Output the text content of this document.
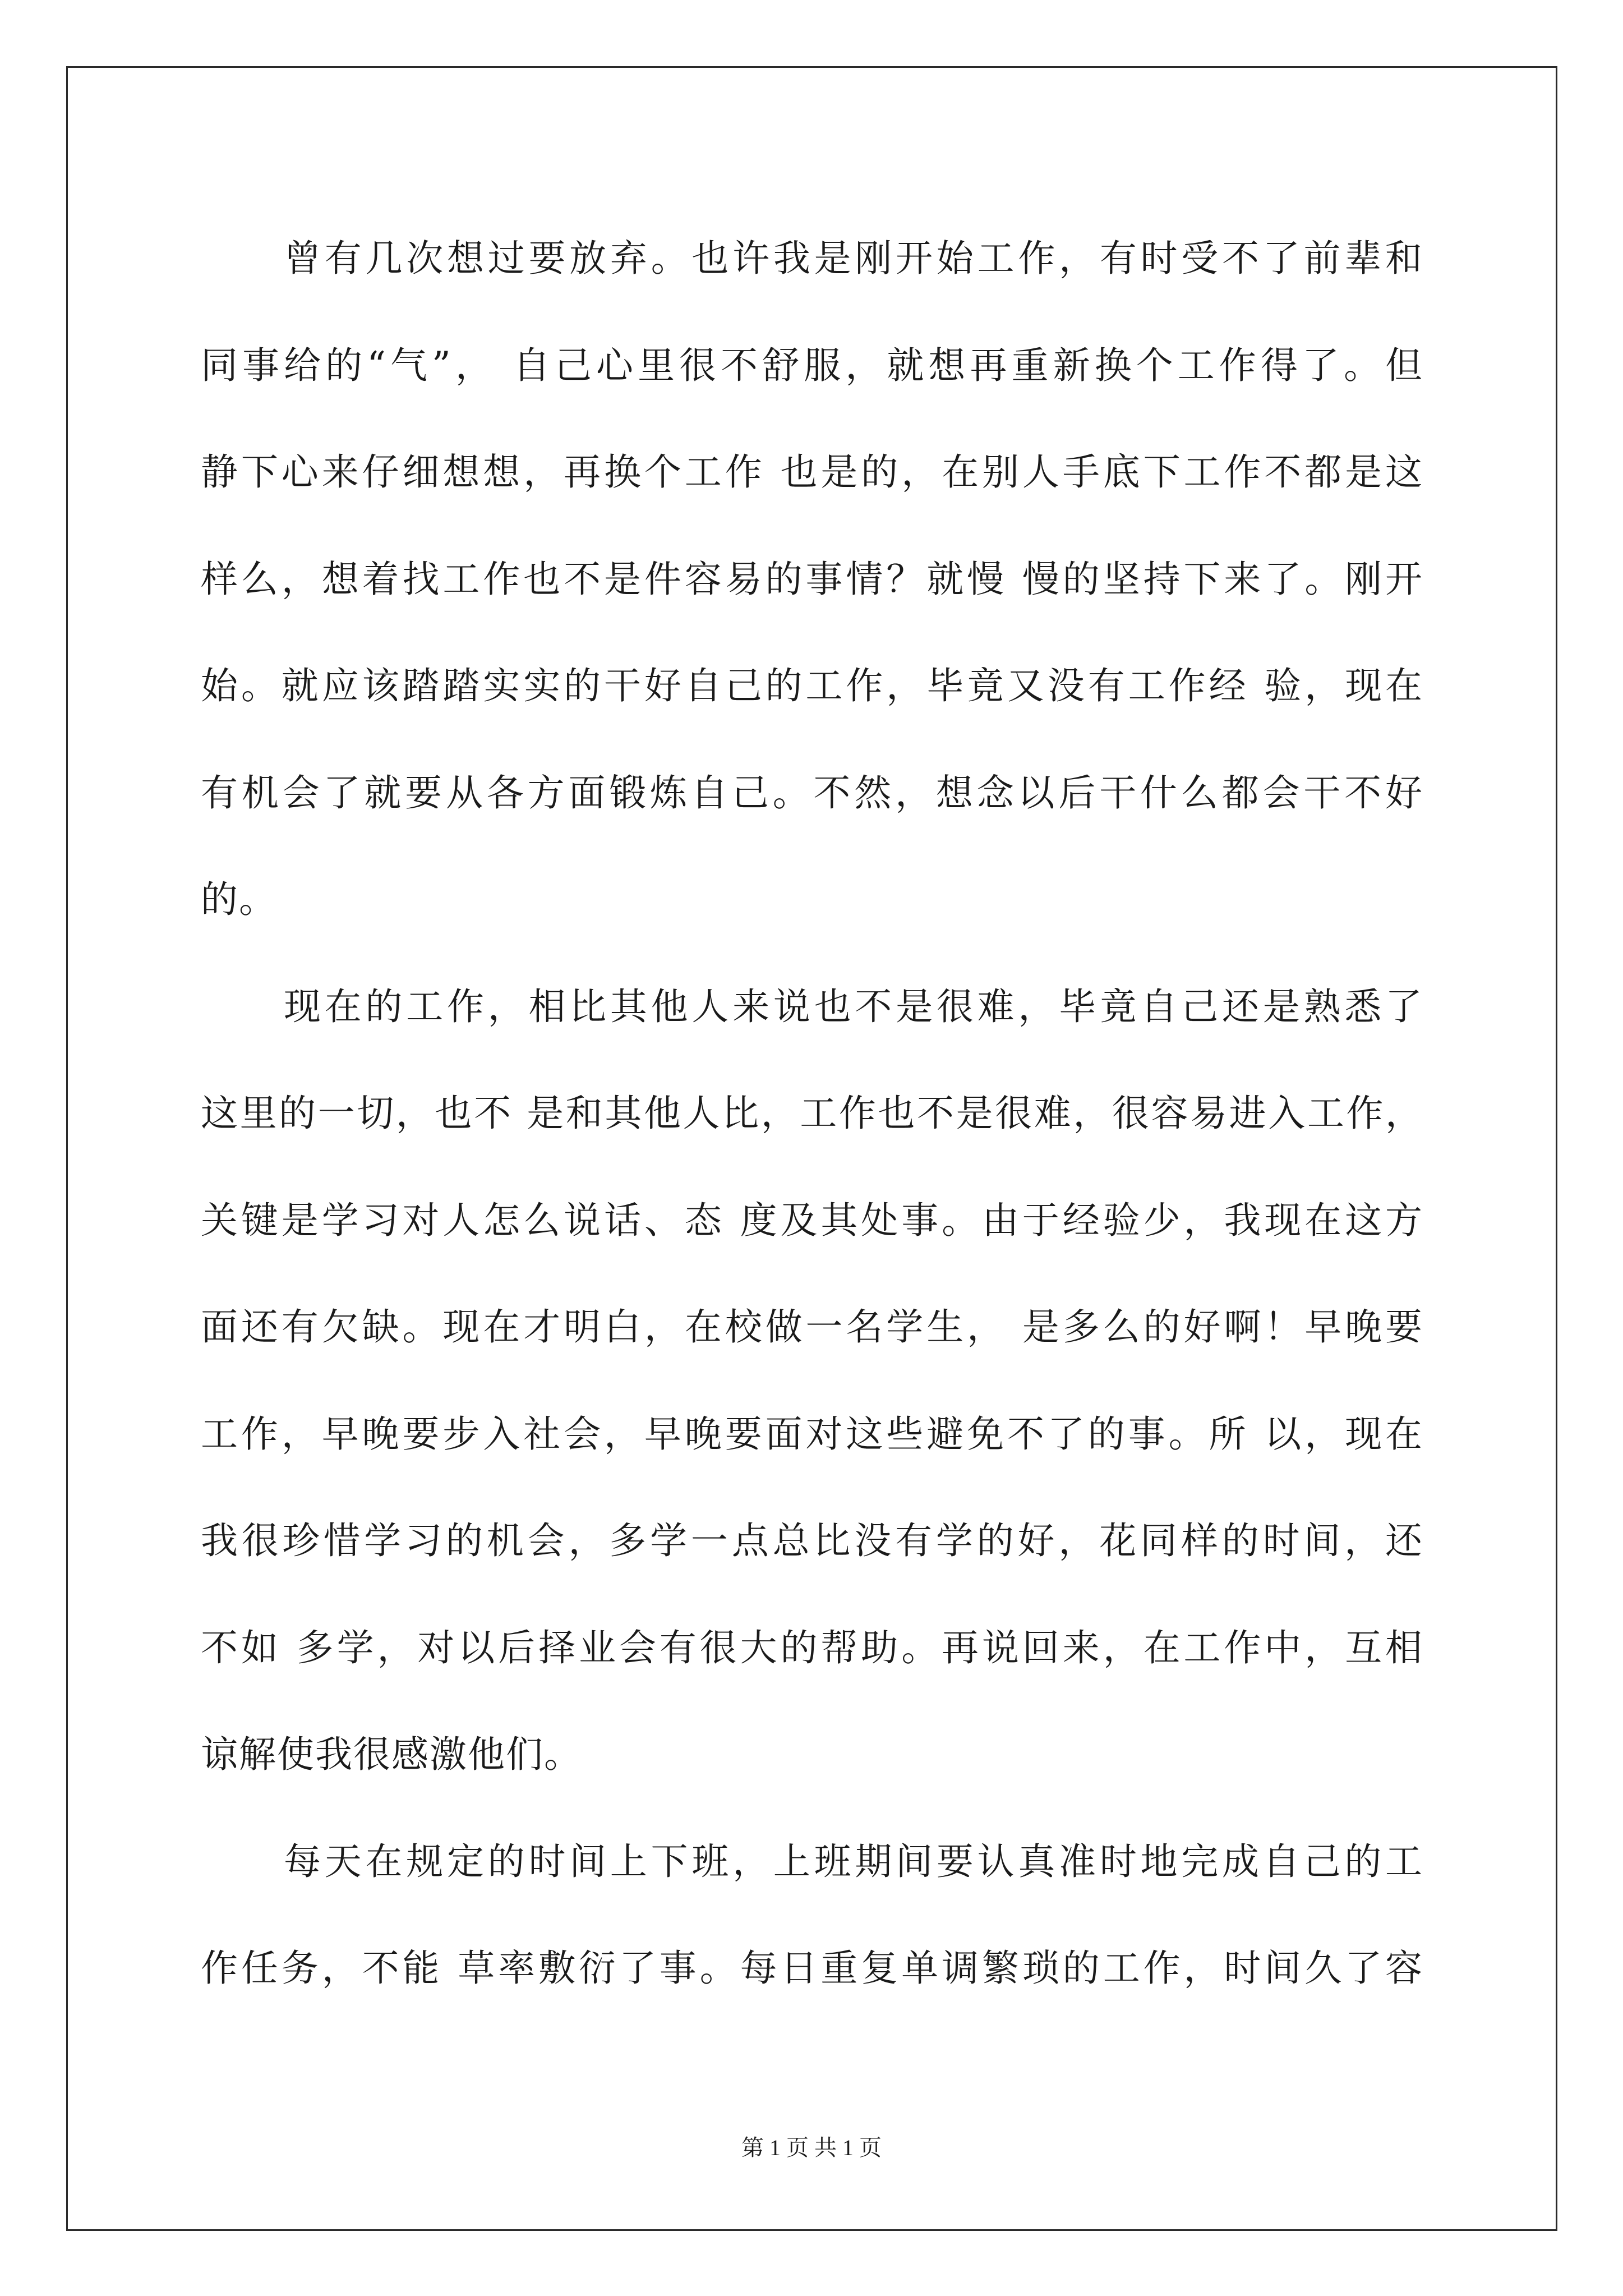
曾有几次想过要放弃。也许我是刚开始工作，有时受不了前辈和
同事给的“气”， 自己心里很不舒服，就想再重新换个工作得了。但
静下心来仔细想想，再换个工作 也是的，在别人手底下工作不都是这
样么，想着找工作也不是件容易的事情？就慢 慢的坚持下来了。刚开
始。就应该踏踏实实的干好自己的工作，毕竟又没有工作经 验，现在
有机会了就要从各方面锻炼自己。不然，想念以后干什么都会干不好
的。
现在的工作，相比其他人来说也不是很难，毕竟自己还是熟悉了
这里的一切，也不 是和其他人比，工作也不是很难，很容易进入工作，
关键是学习对人怎么说话、态 度及其处事。由于经验少，我现在这方
面还有欠缺。现在才明白，在校做一名学生， 是多么的好啊！早晚要
工作，早晚要步入社会，早晚要面对这些避免不了的事。所 以，现在
我很珍惜学习的机会，多学一点总比没有学的好，花同样的时间，还
不如 多学，对以后择业会有很大的帮助。再说回来，在工作中，互相
谅解使我很感激他们。
每天在规定的时间上下班，上班期间要认真准时地完成自己的工
作任务，不能 草率敷衍了事。每日重复单调繁琐的工作，时间久了容
第 1 页 共 1 页
